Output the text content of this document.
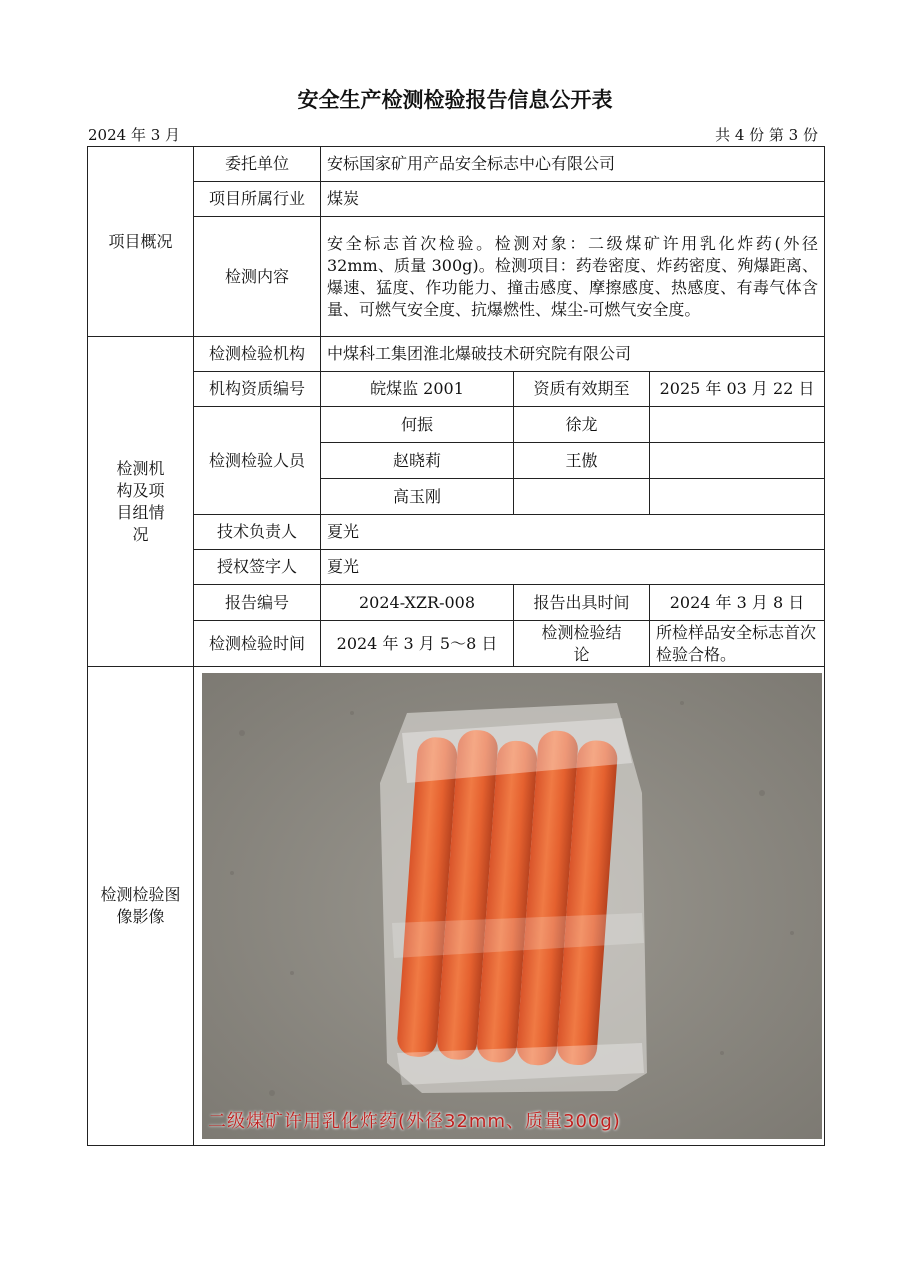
安全生产检测检验报告信息公开表
2024 年 3 月	共 4 份 第 3 份
项目概况	委托单位	安标国家矿用产品安全标志中心有限公司		
	项目所属行业	煤炭		
	检测内容	安全标志首次检验。检测对象：二级煤矿许用乳化炸药(外径 32mm、质量 300g)。检测项目：药卷密度、炸药密度、殉爆距离、爆速、猛度、作功能力、撞击感度、摩擦感度、热感度、有毒气体含量、可燃气安全度、抗爆燃性、煤尘-可燃气安全度。		

检测机构及项目组情况	检测检验机构	中煤科工集团淮北爆破技术研究院有限公司		
	机构资质编号	皖煤监 2001	资质有效期至	2025 年 03 月 22 日
	检测检验人员	何振	徐龙	
		赵晓莉	王傲	
		高玉刚		
	技术负责人	夏光		
	授权签字人	夏光		
	报告编号	2024-XZR-008	报告出具时间	2024 年 3 月 8 日
	检测检验时间	2024 年 3 月 5～8 日	检测检验结论	所检样品安全标志首次检验合格。

检测检验图像影像	二级煤矿许用乳化炸药(外径32mm、质量300g)			
